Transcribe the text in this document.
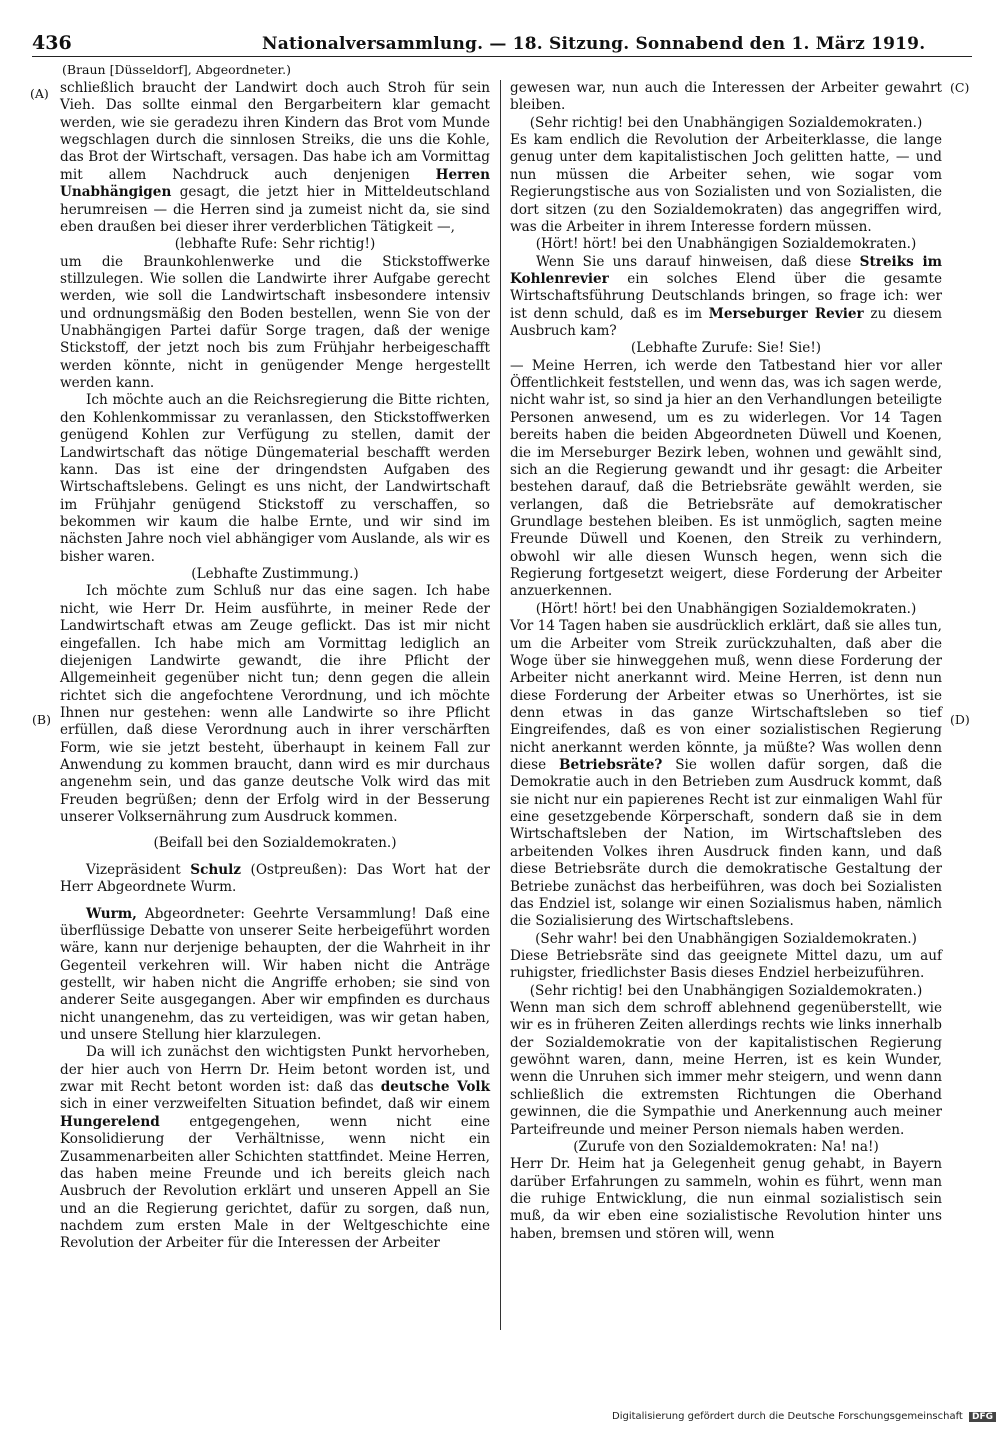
436	Nationalversammlung. — 18. Sitzung. Sonnabend den 1. März 1919.
(Braun [Düsseldorf], Abgeordneter.)
(A)
(B)
(C)
(D)

schließlich braucht der Landwirt doch auch Stroh für sein Vieh. Das sollte einmal den Bergarbeitern klar gemacht werden, wie sie geradezu ihren Kindern das Brot vom Munde wegschlagen durch die sinnlosen Streiks, die uns die Kohle, das Brot der Wirtschaft, versagen. Das habe ich am Vormittag mit allem Nachdruck auch denjenigen Herren Unabhängigen gesagt, die jetzt hier in Mitteldeutschland herumreisen — die Herren sind ja zumeist nicht da, sie sind eben draußen bei dieser ihrer verderblichen Tätigkeit —,

(lebhafte Rufe: Sehr richtig!)

um die Braunkohlenwerke und die Stickstoffwerke stillzulegen. Wie sollen die Landwirte ihrer Aufgabe gerecht werden, wie soll die Landwirtschaft insbesondere intensiv und ordnungsmäßig den Boden bestellen, wenn Sie von der Unabhängigen Partei dafür Sorge tragen, daß der wenige Stickstoff, der jetzt noch bis zum Frühjahr herbeigeschafft werden könnte, nicht in genügender Menge hergestellt werden kann.

Ich möchte auch an die Reichsregierung die Bitte richten, den Kohlenkommissar zu veranlassen, den Stickstoffwerken genügend Kohlen zur Verfügung zu stellen, damit der Landwirtschaft das nötige Düngematerial beschafft werden kann. Das ist eine der dringendsten Aufgaben des Wirtschaftslebens. Gelingt es uns nicht, der Landwirtschaft im Frühjahr genügend Stickstoff zu verschaffen, so bekommen wir kaum die halbe Ernte, und wir sind im nächsten Jahre noch viel abhängiger vom Auslande, als wir es bisher waren.

(Lebhafte Zustimmung.)

Ich möchte zum Schluß nur das eine sagen. Ich habe nicht, wie Herr Dr. Heim ausführte, in meiner Rede der Landwirtschaft etwas am Zeuge geflickt. Das ist mir nicht eingefallen. Ich habe mich am Vormittag lediglich an diejenigen Landwirte gewandt, die ihre Pflicht der Allgemeinheit gegenüber nicht tun; denn gegen die allein richtet sich die angefochtene Verordnung, und ich möchte Ihnen nur gestehen: wenn alle Landwirte so ihre Pflicht erfüllen, daß diese Verordnung auch in ihrer verschärften Form, wie sie jetzt besteht, überhaupt in keinem Fall zur Anwendung zu kommen braucht, dann wird es mir durchaus angenehm sein, und das ganze deutsche Volk wird das mit Freuden begrüßen; denn der Erfolg wird in der Besserung unserer Volksernährung zum Ausdruck kommen.

(Beifall bei den Sozialdemokraten.)

Vizepräsident Schulz (Ostpreußen): Das Wort hat der Herr Abgeordnete Wurm.

Wurm, Abgeordneter: Geehrte Versammlung! Daß eine überflüssige Debatte von unserer Seite herbeigeführt worden wäre, kann nur derjenige behaupten, der die Wahrheit in ihr Gegenteil verkehren will. Wir haben nicht die Anträge gestellt, wir haben nicht die Angriffe erhoben; sie sind von anderer Seite ausgegangen. Aber wir empfinden es durchaus nicht unangenehm, das zu verteidigen, was wir getan haben, und unsere Stellung hier klarzulegen.

Da will ich zunächst den wichtigsten Punkt hervorheben, der hier auch von Herrn Dr. Heim betont worden ist, und zwar mit Recht betont worden ist: daß das deutsche Volk sich in einer verzweifelten Situation befindet, daß wir einem Hungerelend entgegengehen, wenn nicht eine Konsolidierung der Verhältnisse, wenn nicht ein Zusammenarbeiten aller Schichten stattfindet. Meine Herren, das haben meine Freunde und ich bereits gleich nach Ausbruch der Revolution erklärt und unseren Appell an Sie und an die Regierung gerichtet, dafür zu sorgen, daß nun, nachdem zum ersten Male in der Weltgeschichte eine Revolution der Arbeiter für die Interessen der Arbeiter

gewesen war, nun auch die Interessen der Arbeiter gewahrt bleiben.

(Sehr richtig! bei den Unabhängigen Sozialdemokraten.)

Es kam endlich die Revolution der Arbeiterklasse, die lange genug unter dem kapitalistischen Joch gelitten hatte, — und nun müssen die Arbeiter sehen, wie sogar vom Regierungstische aus von Sozialisten und von Sozialisten, die dort sitzen (zu den Sozialdemokraten) das angegriffen wird, was die Arbeiter in ihrem Interesse fordern müssen.

(Hört! hört! bei den Unabhängigen Sozialdemokraten.)

Wenn Sie uns darauf hinweisen, daß diese Streiks im Kohlenrevier ein solches Elend über die gesamte Wirtschaftsführung Deutschlands bringen, so frage ich: wer ist denn schuld, daß es im Merseburger Revier zu diesem Ausbruch kam?

(Lebhafte Zurufe: Sie! Sie!)

— Meine Herren, ich werde den Tatbestand hier vor aller Öffentlichkeit feststellen, und wenn das, was ich sagen werde, nicht wahr ist, so sind ja hier an den Verhandlungen beteiligte Personen anwesend, um es zu widerlegen. Vor 14 Tagen bereits haben die beiden Abgeordneten Düwell und Koenen, die im Merseburger Bezirk leben, wohnen und gewählt sind, sich an die Regierung gewandt und ihr gesagt: die Arbeiter bestehen darauf, daß die Betriebsräte gewählt werden, sie verlangen, daß die Betriebsräte auf demokratischer Grundlage bestehen bleiben. Es ist unmöglich, sagten meine Freunde Düwell und Koenen, den Streik zu verhindern, obwohl wir alle diesen Wunsch hegen, wenn sich die Regierung fortgesetzt weigert, diese Forderung der Arbeiter anzuerkennen.

(Hört! hört! bei den Unabhängigen Sozialdemokraten.)

Vor 14 Tagen haben sie ausdrücklich erklärt, daß sie alles tun, um die Arbeiter vom Streik zurückzuhalten, daß aber die Woge über sie hinweggehen muß, wenn diese Forderung der Arbeiter nicht anerkannt wird. Meine Herren, ist denn nun diese Forderung der Arbeiter etwas so Unerhörtes, ist sie denn etwas in das ganze Wirtschaftsleben so tief Eingreifendes, daß es von einer sozialistischen Regierung nicht anerkannt werden könnte, ja müßte? Was wollen denn diese Betriebsräte? Sie wollen dafür sorgen, daß die Demokratie auch in den Betrieben zum Ausdruck kommt, daß sie nicht nur ein papierenes Recht ist zur einmaligen Wahl für eine gesetzgebende Körperschaft, sondern daß sie in dem Wirtschaftsleben der Nation, im Wirtschaftsleben des arbeitenden Volkes ihren Ausdruck finden kann, und daß diese Betriebsräte durch die demokratische Gestaltung der Betriebe zunächst das herbeiführen, was doch bei Sozialisten das Endziel ist, solange wir einen Sozialismus haben, nämlich die Sozialisierung des Wirtschaftslebens.

(Sehr wahr! bei den Unabhängigen Sozialdemokraten.)

Diese Betriebsräte sind das geeignete Mittel dazu, um auf ruhigster, friedlichster Basis dieses Endziel herbeizuführen.

(Sehr richtig! bei den Unabhängigen Sozialdemokraten.)

Wenn man sich dem schroff ablehnend gegenüberstellt, wie wir es in früheren Zeiten allerdings rechts wie links innerhalb der Sozialdemokratie von der kapitalistischen Regierung gewöhnt waren, dann, meine Herren, ist es kein Wunder, wenn die Unruhen sich immer mehr steigern, und wenn dann schließlich die extremsten Richtungen die Oberhand gewinnen, die die Sympathie und Anerkennung auch meiner Parteifreunde und meiner Person niemals haben werden.

(Zurufe von den Sozialdemokraten: Na! na!)

Herr Dr. Heim hat ja Gelegenheit genug gehabt, in Bayern darüber Erfahrungen zu sammeln, wohin es führt, wenn man die ruhige Entwicklung, die nun einmal sozialistisch sein muß, da wir eben eine sozialistische Revolution hinter uns haben, bremsen und stören will, wenn

Digitalisierung gefördert durch die Deutsche Forschungsgemeinschaft DFG
